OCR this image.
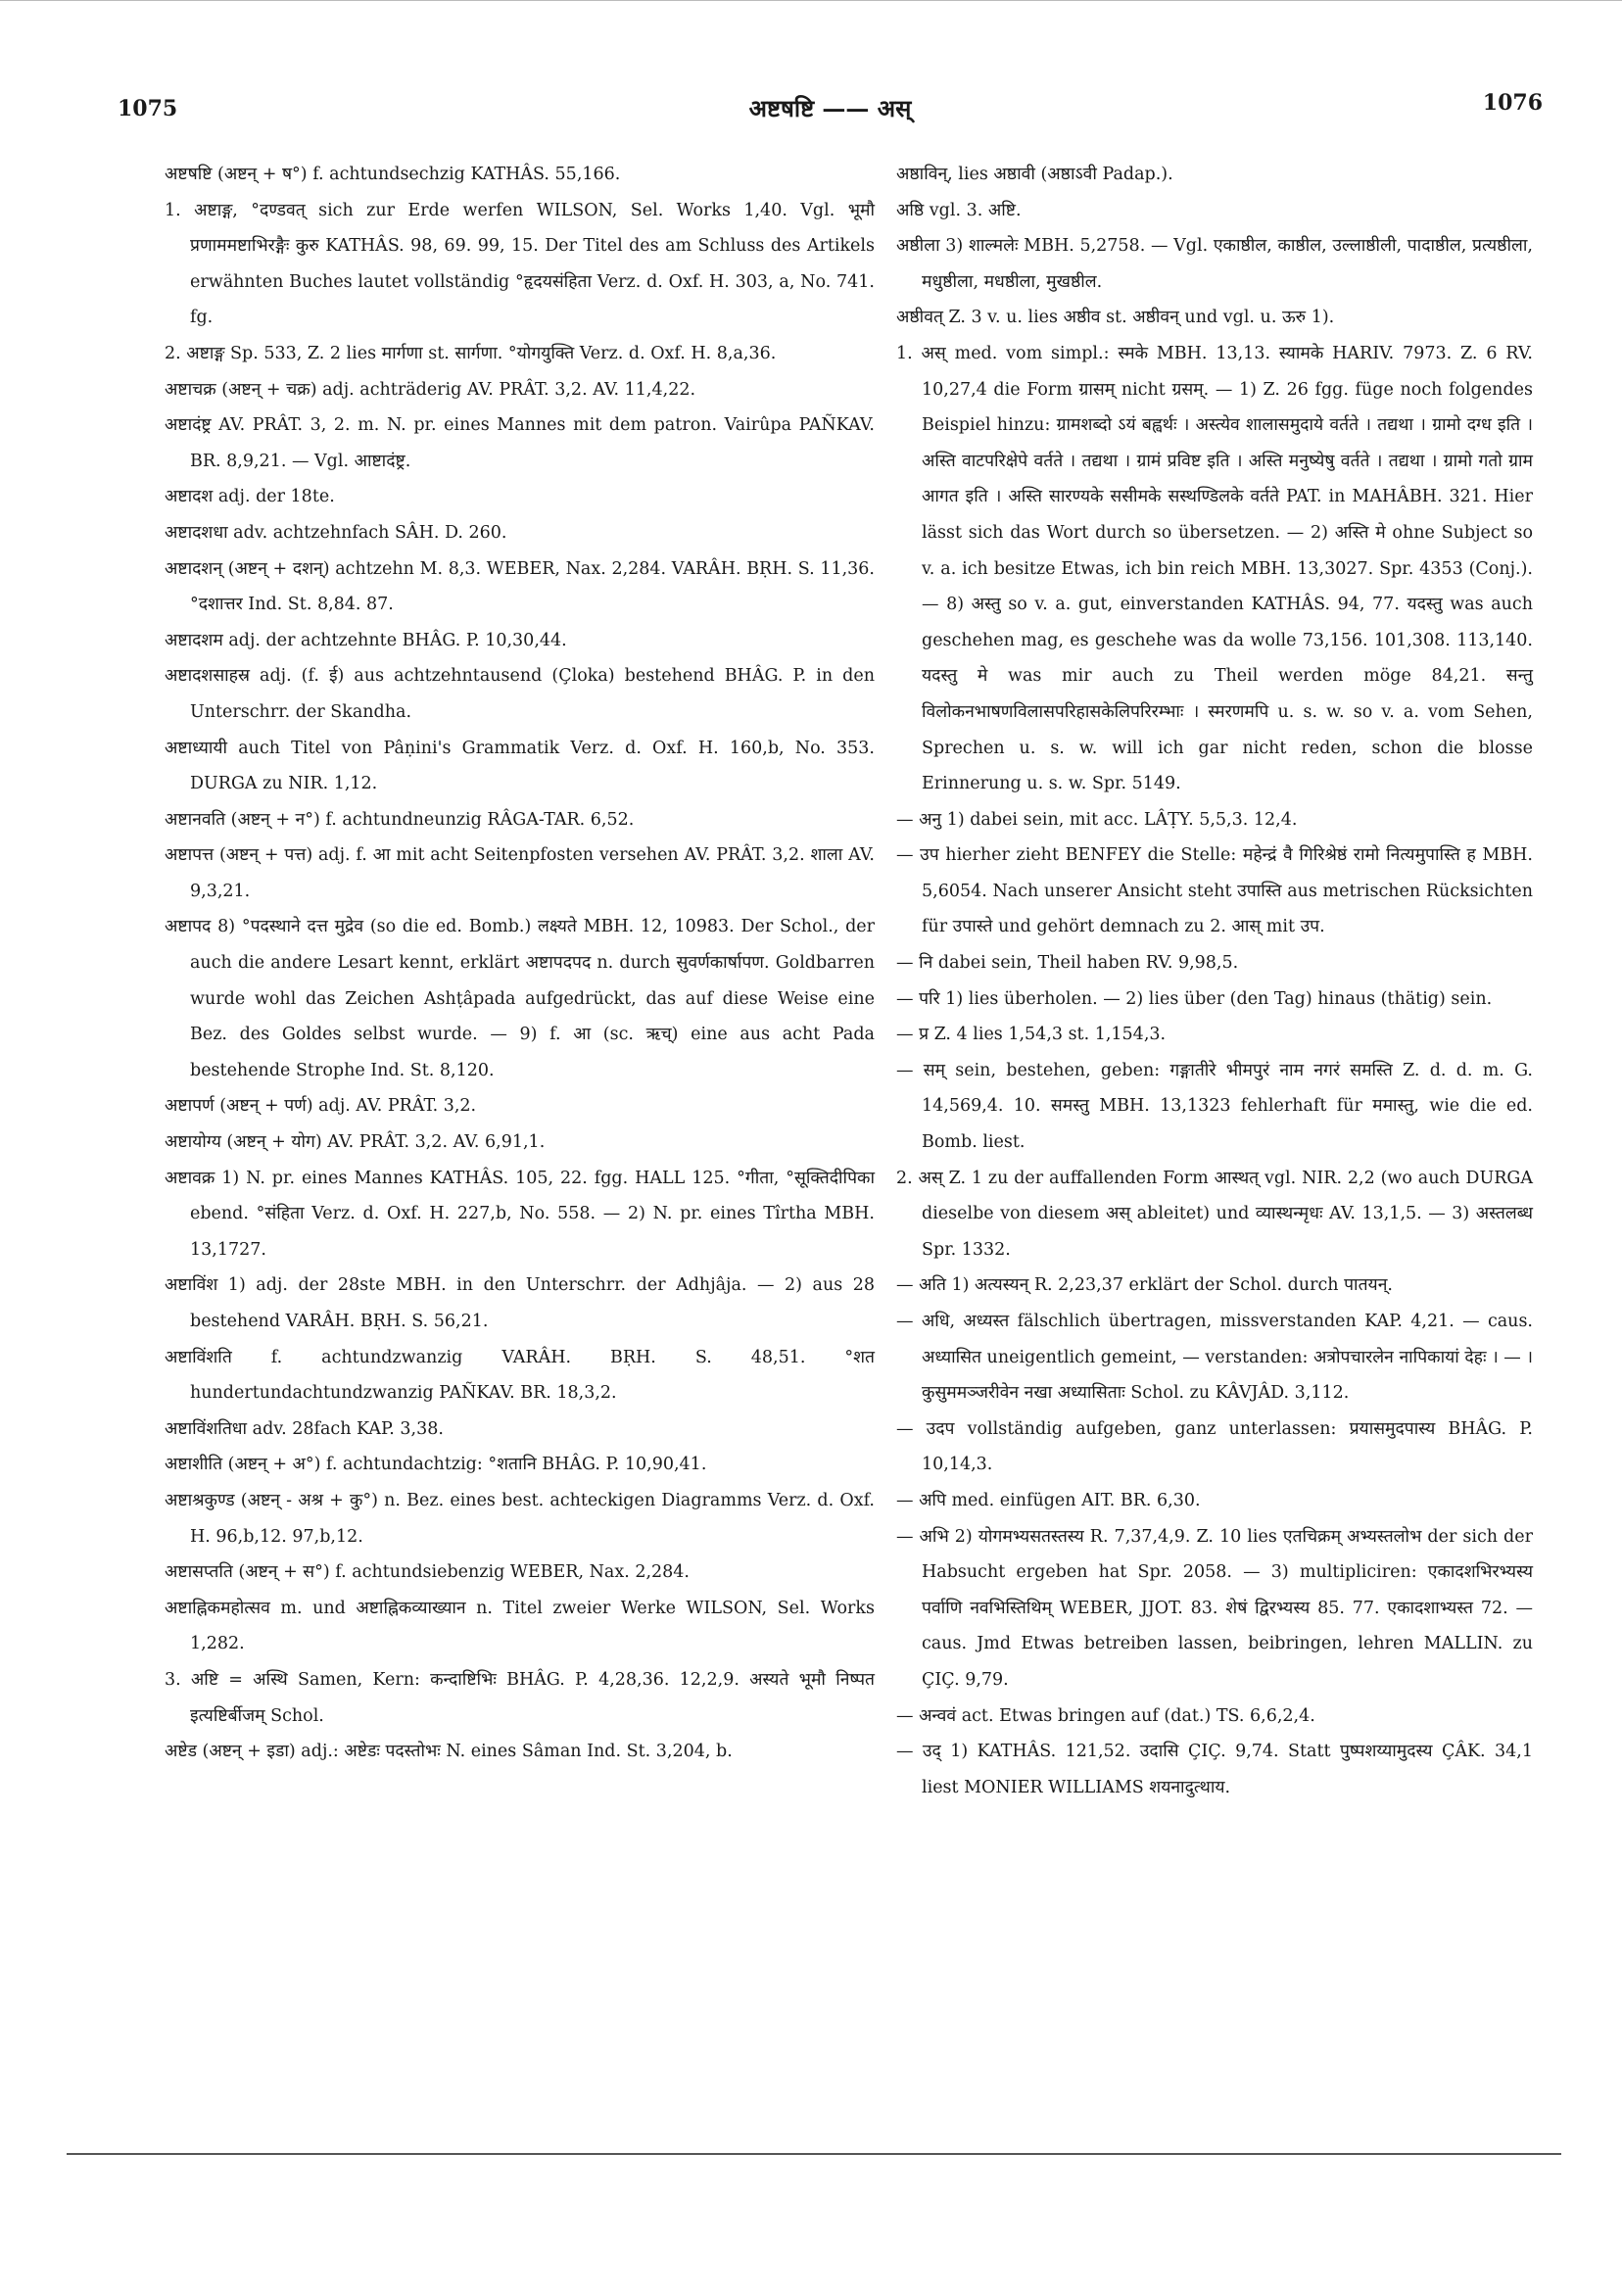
1075	अष्टषष्टि —— अस्	1076

अष्टषष्टि (अष्टन् + ष°) f. achtundsechzig KATHÂS. 55,166.

1. अष्टाङ्ग, °दण्डवत् sich zur Erde werfen WILSON, Sel. Works 1,40. Vgl. भूमौ प्रणाममष्टाभिरङ्गैः कुरु KATHÂS. 98, 69. 99, 15. Der Titel des am Schluss des Artikels erwähnten Buches lautet vollständig °हृदयसंहिता Verz. d. Oxf. H. 303, a, No. 741. fg.

2. अष्टाङ्ग Sp. 533, Z. 2 lies मार्गणा st. सार्गणा. °योगयुक्ति Verz. d. Oxf. H. 8,a,36.

अष्टाचक्र (अष्टन् + चक्र) adj. achträderig AV. PRÂT. 3,2. AV. 11,4,22.

अष्टादंष्ट्र AV. PRÂT. 3, 2. m. N. pr. eines Mannes mit dem patron. Vairûpa PAÑKAV. BR. 8,9,21. — Vgl. आष्टादंष्ट्र.

अष्टादश adj. der 18te.

अष्टादशधा adv. achtzehnfach SÂH. D. 260.

अष्टादशन् (अष्टन् + दशन्) achtzehn M. 8,3. WEBER, Nax. 2,284. VARÂH. BṚH. S. 11,36. °दशात्तर Ind. St. 8,84. 87.

अष्टादशम adj. der achtzehnte BHÂG. P. 10,30,44.

अष्टादशसाहस्र adj. (f. ई) aus achtzehntausend (Çloka) bestehend BHÂG. P. in den Unterschrr. der Skandha.

अष्टाध्यायी auch Titel von Pâṇini's Grammatik Verz. d. Oxf. H. 160,b, No. 353. DURGA zu NIR. 1,12.

अष्टानवति (अष्टन् + न°) f. achtundneunzig RÂGA-TAR. 6,52.

अष्टापत्त (अष्टन् + पत्त) adj. f. आ mit acht Seitenpfosten versehen AV. PRÂT. 3,2. शाला AV. 9,3,21.

अष्टापद 8) °पदस्थाने दत्त मुद्रेव (so die ed. Bomb.) लक्ष्यते MBH. 12, 10983. Der Schol., der auch die andere Lesart kennt, erklärt अष्टापदपद n. durch सुवर्णकार्षापण. Goldbarren wurde wohl das Zeichen Ashṭâpada aufgedrückt, das auf diese Weise eine Bez. des Goldes selbst wurde. — 9) f. आ (sc. ऋच्) eine aus acht Pada bestehende Strophe Ind. St. 8,120.

अष्टापर्ण (अष्टन् + पर्ण) adj. AV. PRÂT. 3,2.

अष्टायोग्य (अष्टन् + योग) AV. PRÂT. 3,2. AV. 6,91,1.

अष्टावक्र 1) N. pr. eines Mannes KATHÂS. 105, 22. fgg. HALL 125. °गीता, °सूक्तिदीपिका ebend. °संहिता Verz. d. Oxf. H. 227,b, No. 558. — 2) N. pr. eines Tîrtha MBH. 13,1727.

अष्टाविंश 1) adj. der 28ste MBH. in den Unterschrr. der Adhjâja. — 2) aus 28 bestehend VARÂH. BṚH. S. 56,21.

अष्टाविंशति f. achtundzwanzig VARÂH. BṚH. S. 48,51. °शत hundertundachtundzwanzig PAÑKAV. BR. 18,3,2.

अष्टाविंशतिधा adv. 28fach KAP. 3,38.

अष्टाशीति (अष्टन् + अ°) f. achtundachtzig: °शतानि BHÂG. P. 10,90,41.

अष्टाश्रकुण्ड (अष्टन् - अश्र + कु°) n. Bez. eines best. achteckigen Diagramms Verz. d. Oxf. H. 96,b,12. 97,b,12.

अष्टासप्तति (अष्टन् + स°) f. achtundsiebenzig WEBER, Nax. 2,284.

अष्टाह्निकमहोत्सव m. und अष्टाह्निकव्याख्यान n. Titel zweier Werke WILSON, Sel. Works 1,282.

3. अष्टि = अस्थि Samen, Kern: कन्दाष्टिभिः BHÂG. P. 4,28,36. 12,2,9. अस्यते भूमौ निष्पत इत्यष्टिर्बीजम् Schol.

अष्टेड (अष्टन् + इडा) adj.: अष्टेडः पदस्तोभः N. eines Sâman Ind. St. 3,204, b.

अष्ठाविन्, lies अष्ठावी (अष्ठाऽवी Padap.).

अष्ठि vgl. 3. अष्टि.

अष्ठीला 3) शाल्मलेः MBH. 5,2758. — Vgl. एकाष्ठील, काष्ठील, उल्लाष्ठीली, पादाष्ठील, प्रत्यष्ठीला, मधुष्ठीला, मधष्ठीला, मुखष्ठील.

अष्ठीवत् Z. 3 v. u. lies अष्ठीव st. अष्ठीवन् und vgl. u. ऊरु 1).

1. अस् med. vom simpl.: स्मके MBH. 13,13. स्यामके HARIV. 7973. Z. 6 RV. 10,27,4 die Form ग्रासम् nicht ग्रसम्. — 1) Z. 26 fgg. füge noch folgendes Beispiel hinzu: ग्रामशब्दो ऽयं बह्वर्थः । अस्त्येव शालासमुदाये वर्तते । तद्यथा । ग्रामो दग्ध इति । अस्ति वाटपरिक्षेपे वर्तते । तद्यथा । ग्रामं प्रविष्ट इति । अस्ति मनुष्येषु वर्तते । तद्यथा । ग्रामो गतो ग्राम आगत इति । अस्ति सारण्यके ससीमके सस्थण्डिलके वर्तते PAT. in MAHÂBH. 321. Hier lässt sich das Wort durch so übersetzen. — 2) अस्ति मे ohne Subject so v. a. ich besitze Etwas, ich bin reich MBH. 13,3027. Spr. 4353 (Conj.). — 8) अस्तु so v. a. gut, einverstanden KATHÂS. 94, 77. यदस्तु was auch geschehen mag, es geschehe was da wolle 73,156. 101,308. 113,140. यदस्तु मे was mir auch zu Theil werden möge 84,21. सन्तु विलोकनभाषणविलासपरिहासकेलिपरिरम्भाः । स्मरणमपि u. s. w. so v. a. vom Sehen, Sprechen u. s. w. will ich gar nicht reden, schon die blosse Erinnerung u. s. w. Spr. 5149.

— अनु 1) dabei sein, mit acc. LÂṬY. 5,5,3. 12,4.

— उप hierher zieht BENFEY die Stelle: महेन्द्रं वै गिरिश्रेष्ठं रामो नित्यमुपास्ति ह MBH. 5,6054. Nach unserer Ansicht steht उपास्ति aus metrischen Rücksichten für उपास्ते und gehört demnach zu 2. आस् mit उप.

— नि dabei sein, Theil haben RV. 9,98,5.

— परि 1) lies überholen. — 2) lies über (den Tag) hinaus (thätig) sein.

— प्र Z. 4 lies 1,54,3 st. 1,154,3.

— सम् sein, bestehen, geben: गङ्गातीरे भीमपुरं नाम नगरं समस्ति Z. d. d. m. G. 14,569,4. 10. समस्तु MBH. 13,1323 fehlerhaft für ममास्तु, wie die ed. Bomb. liest.

2. अस् Z. 1 zu der auffallenden Form आस्थत् vgl. NIR. 2,2 (wo auch DURGA dieselbe von diesem अस् ableitet) und व्यास्थन्मृधः AV. 13,1,5. — 3) अस्तलब्ध Spr. 1332.

— अति 1) अत्यस्यन् R. 2,23,37 erklärt der Schol. durch पातयन्.

— अधि, अध्यस्त fälschlich übertragen, missverstanden KAP. 4,21. — caus. अध्यासित uneigentlich gemeint, — verstanden: अत्रोपचारलेन नापिकायां देहः । — । कुसुममञ्जरीवेन नखा अध्यासिताः Schol. zu KÂVJÂD. 3,112.

— उदप vollständig aufgeben, ganz unterlassen: प्रयासमुदपास्य BHÂG. P. 10,14,3.

— अपि med. einfügen AIT. BR. 6,30.

— अभि 2) योगमभ्यसतस्तस्य R. 7,37,4,9. Z. 10 lies एतचिक्रम् अभ्यस्तलोभ der sich der Habsucht ergeben hat Spr. 2058. — 3) multipliciren: एकादशभिरभ्यस्य पर्वाणि नवभिस्तिथिम् WEBER, JJOT. 83. शेषं द्विरभ्यस्य 85. 77. एकादशाभ्यस्त 72. — caus. Jmd Etwas betreiben lassen, beibringen, lehren MALLIN. zu ÇIÇ. 9,79.

— अन्ववं act. Etwas bringen auf (dat.) TS. 6,6,2,4.

— उद् 1) KATHÂS. 121,52. उदासि ÇIÇ. 9,74. Statt पुष्पशय्यामुदस्य ÇÂK. 34,1 liest MONIER WILLIAMS शयनादुत्थाय.
